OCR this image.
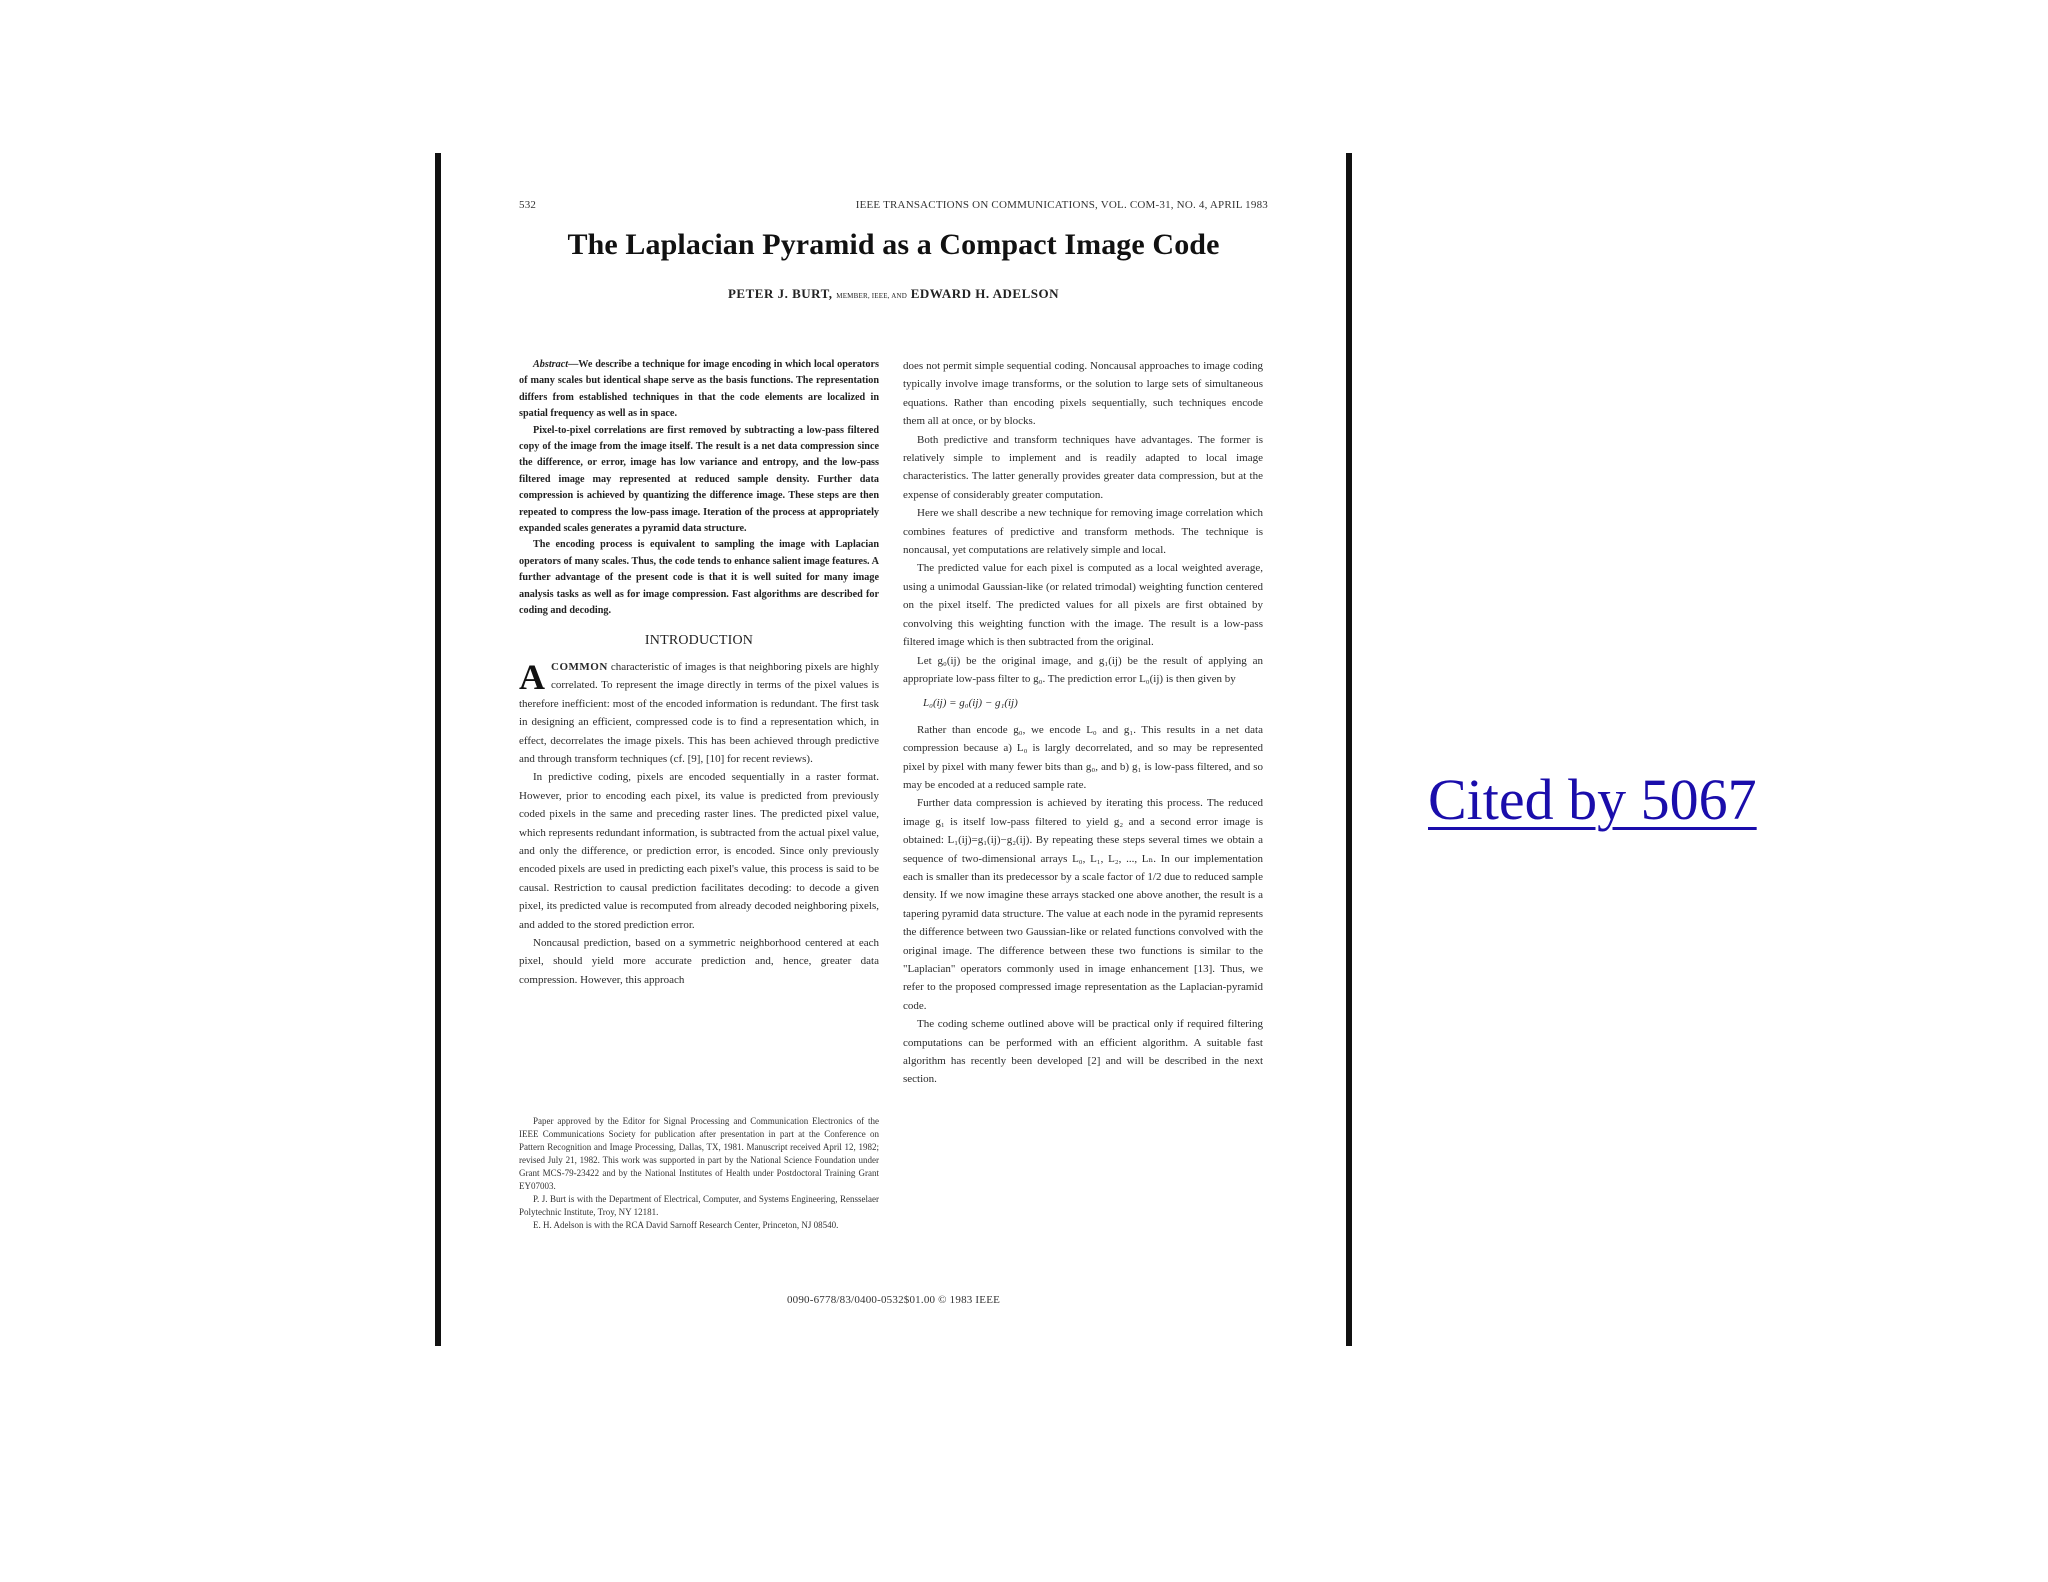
532	IEEE TRANSACTIONS ON COMMUNICATIONS, VOL. COM-31, NO. 4, APRIL 1983
The Laplacian Pyramid as a Compact Image Code
PETER J. BURT, MEMBER, IEEE, AND EDWARD H. ADELSON

Abstract—We describe a technique for image encoding in which local operators of many scales but identical shape serve as the basis functions. The representation differs from established techniques in that the code elements are localized in spatial frequency as well as in space.

Pixel-to-pixel correlations are first removed by subtracting a low-pass filtered copy of the image from the image itself. The result is a net data compression since the difference, or error, image has low variance and entropy, and the low-pass filtered image may represented at reduced sample density. Further data compression is achieved by quantizing the difference image. These steps are then repeated to compress the low-pass image. Iteration of the process at appropriately expanded scales generates a pyramid data structure.

The encoding process is equivalent to sampling the image with Laplacian operators of many scales. Thus, the code tends to enhance salient image features. A further advantage of the present code is that it is well suited for many image analysis tasks as well as for image compression. Fast algorithms are described for coding and decoding.

INTRODUCTION

ACOMMON characteristic of images is that neighboring pixels are highly correlated. To represent the image directly in terms of the pixel values is therefore inefficient: most of the encoded information is redundant. The first task in designing an efficient, compressed code is to find a representation which, in effect, decorrelates the image pixels. This has been achieved through predictive and through transform techniques (cf. [9], [10] for recent reviews).

In predictive coding, pixels are encoded sequentially in a raster format. However, prior to encoding each pixel, its value is predicted from previously coded pixels in the same and preceding raster lines. The predicted pixel value, which represents redundant information, is subtracted from the actual pixel value, and only the difference, or prediction error, is encoded. Since only previously encoded pixels are used in predicting each pixel's value, this process is said to be causal. Restriction to causal prediction facilitates decoding: to decode a given pixel, its predicted value is recomputed from already decoded neighboring pixels, and added to the stored prediction error.

Noncausal prediction, based on a symmetric neighborhood centered at each pixel, should yield more accurate prediction and, hence, greater data compression. However, this approach

Paper approved by the Editor for Signal Processing and Communication Electronics of the IEEE Communications Society for publication after presentation in part at the Conference on Pattern Recognition and Image Processing, Dallas, TX, 1981. Manuscript received April 12, 1982; revised July 21, 1982. This work was supported in part by the National Science Foundation under Grant MCS-79-23422 and by the National Institutes of Health under Postdoctoral Training Grant EY07003.

P. J. Burt is with the Department of Electrical, Computer, and Systems Engineering, Rensselaer Polytechnic Institute, Troy, NY 12181.

E. H. Adelson is with the RCA David Sarnoff Research Center, Princeton, NJ 08540.

does not permit simple sequential coding. Noncausal approaches to image coding typically involve image transforms, or the solution to large sets of simultaneous equations. Rather than encoding pixels sequentially, such techniques encode them all at once, or by blocks.

Both predictive and transform techniques have advantages. The former is relatively simple to implement and is readily adapted to local image characteristics. The latter generally provides greater data compression, but at the expense of considerably greater computation.

Here we shall describe a new technique for removing image correlation which combines features of predictive and transform methods. The technique is noncausal, yet computations are relatively simple and local.

The predicted value for each pixel is computed as a local weighted average, using a unimodal Gaussian-like (or related trimodal) weighting function centered on the pixel itself. The predicted values for all pixels are first obtained by convolving this weighting function with the image. The result is a low-pass filtered image which is then subtracted from the original.

Let g₀(ij) be the original image, and g₁(ij) be the result of applying an appropriate low-pass filter to g₀. The prediction error L₀(ij) is then given by

L₀(ij) = g₀(ij) − g₁(ij)

Rather than encode g₀, we encode L₀ and g₁. This results in a net data compression because a) L₀ is largly decorrelated, and so may be represented pixel by pixel with many fewer bits than g₀, and b) g₁ is low-pass filtered, and so may be encoded at a reduced sample rate.

Further data compression is achieved by iterating this process. The reduced image g₁ is itself low-pass filtered to yield g₂ and a second error image is obtained: L₁(ij)=g₁(ij)−g₂(ij). By repeating these steps several times we obtain a sequence of two-dimensional arrays L₀, L₁, L₂, ..., Lₙ. In our implementation each is smaller than its predecessor by a scale factor of 1/2 due to reduced sample density. If we now imagine these arrays stacked one above another, the result is a tapering pyramid data structure. The value at each node in the pyramid represents the difference between two Gaussian-like or related functions convolved with the original image. The difference between these two functions is similar to the "Laplacian" operators commonly used in image enhancement [13]. Thus, we refer to the proposed compressed image representation as the Laplacian-pyramid code.

The coding scheme outlined above will be practical only if required filtering computations can be performed with an efficient algorithm. A suitable fast algorithm has recently been developed [2] and will be described in the next section.

0090-6778/83/0400-0532$01.00 © 1983 IEEE
Cited by 5067
